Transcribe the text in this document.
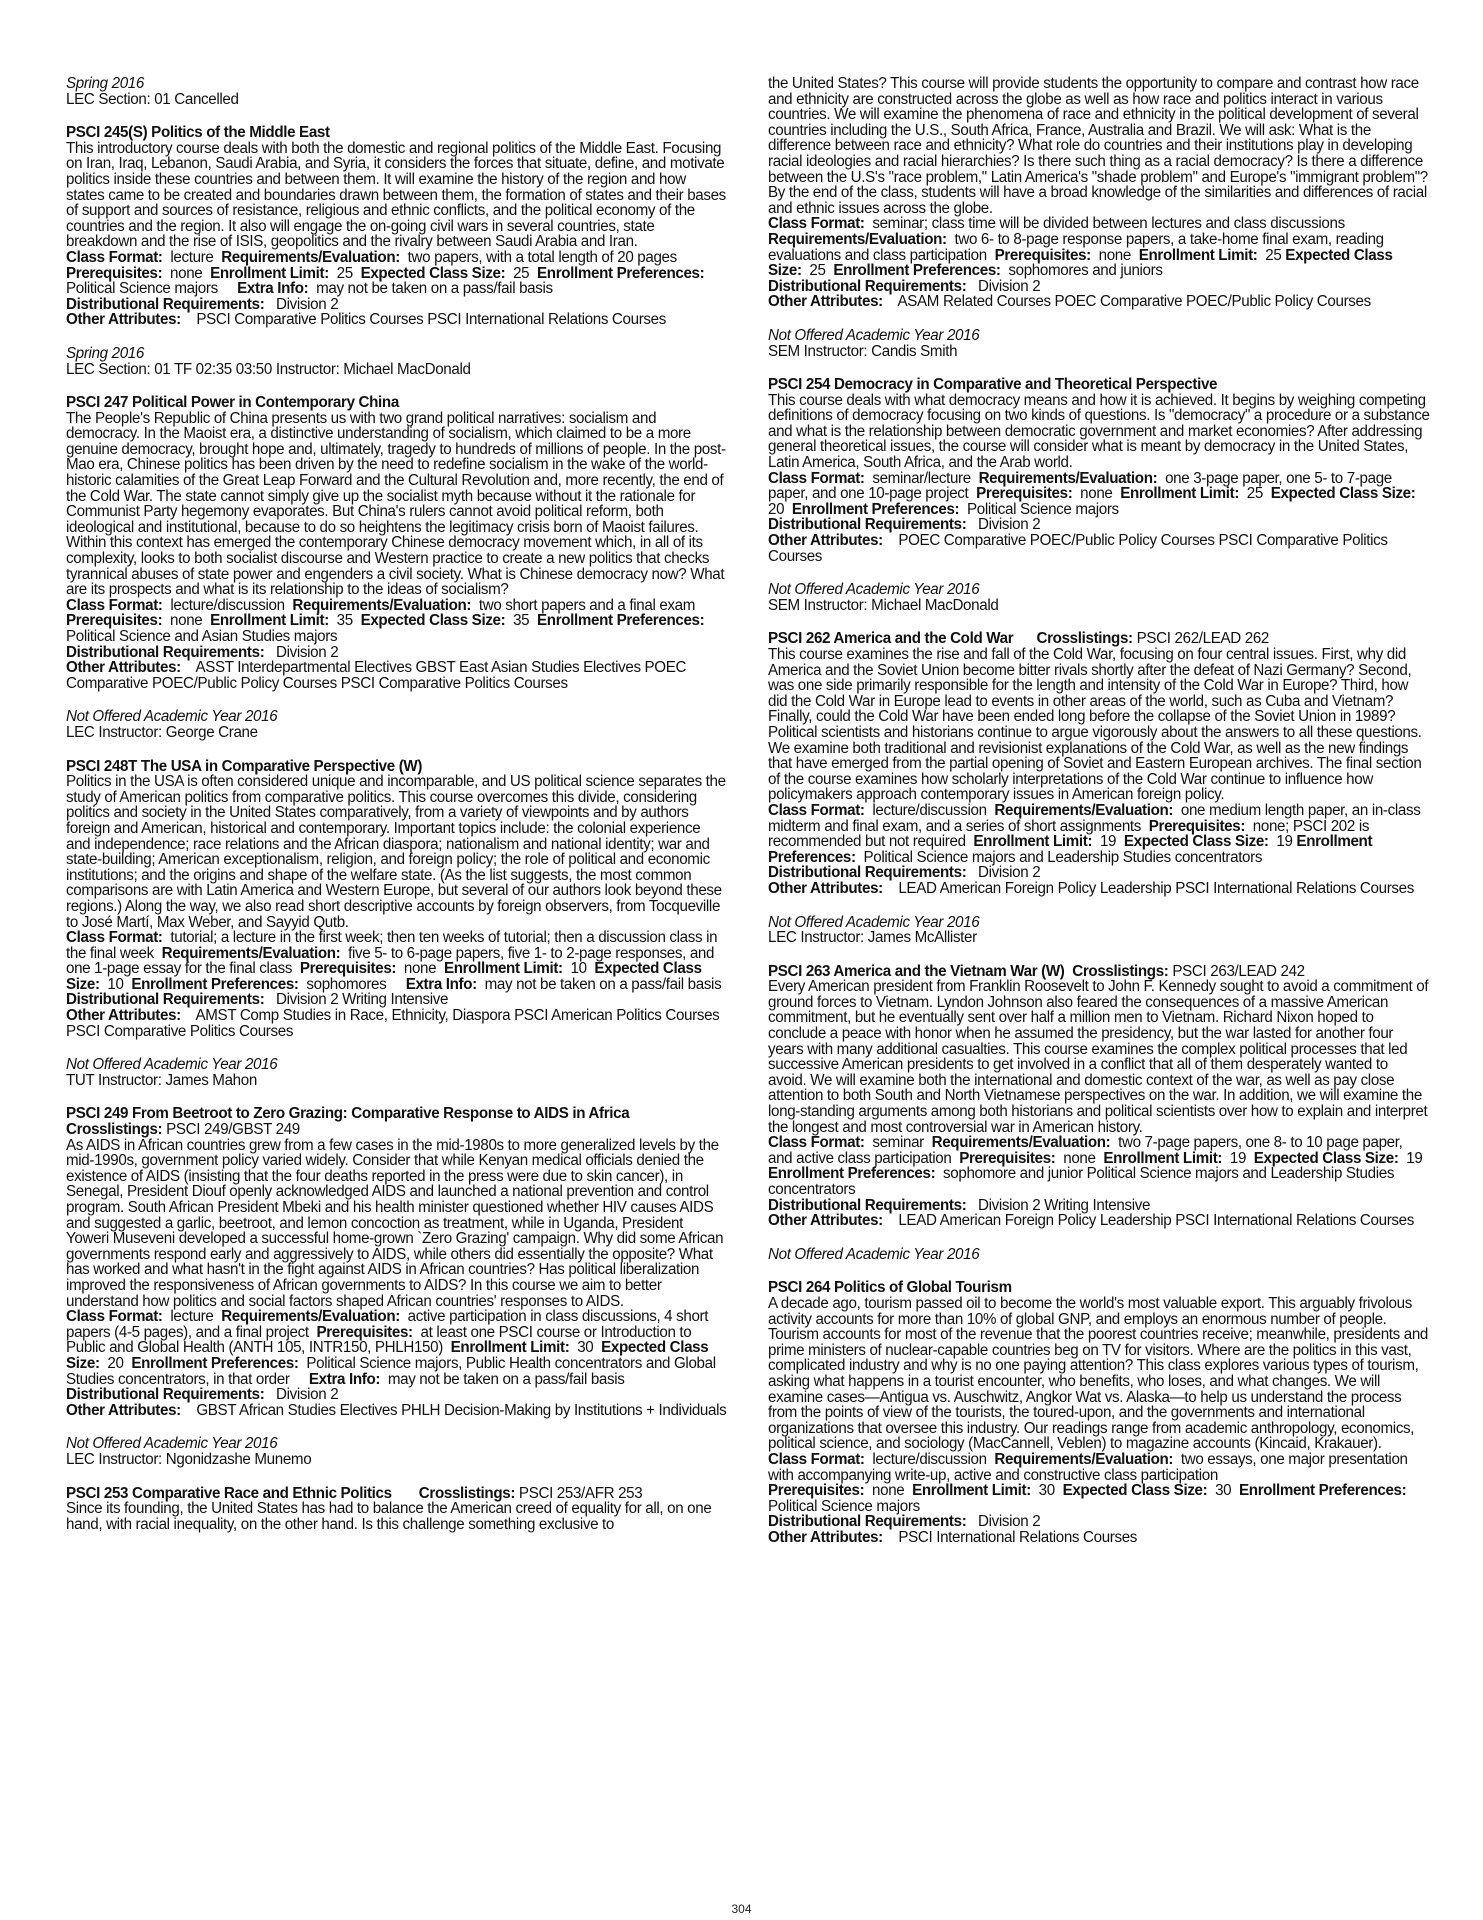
Spring 2016
LEC Section: 01 Cancelled
PSCI 245(S) Politics of the Middle East
This introductory course deals with both the domestic and regional politics of the Middle East. Focusing on Iran, Iraq, Lebanon, Saudi Arabia, and Syria, it considers the forces that situate, define, and motivate politics inside these countries and between them. It will examine the history of the region and how states came to be created and boundaries drawn between them, the formation of states and their bases of support and sources of resistance, religious and ethnic conflicts, and the political economy of the countries and the region. It also will engage the on-going civil wars in several countries, state breakdown and the rise of ISIS, geopolitics and the rivalry between Saudi Arabia and Iran.
Class Format: lecture Requirements/Evaluation: two papers, with a total length of 20 pages Prerequisites: none Enrollment Limit: 25 Expected Class Size: 25 Enrollment Preferences:  Political Science majors Extra Info: may not be taken on a pass/fail basis
Distributional Requirements: Division 2
Other Attributes: PSCI Comparative Politics Courses PSCI International Relations Courses
Spring 2016
LEC Section: 01 TF 02:35 03:50 Instructor: Michael MacDonald
PSCI 247 Political Power in Contemporary China
The People's Republic of China presents us with two grand political narratives: socialism and democracy. In the Maoist era, a distinctive understanding of socialism, which claimed to be a more genuine democracy, brought hope and, ultimately, tragedy to hundreds of millions of people. In the post-Mao era, Chinese politics has been driven by the need to redefine socialism in the wake of the world-historic calamities of the Great Leap Forward and the Cultural Revolution and, more recently, the end of the Cold War. The state cannot simply give up the socialist myth because without it the rationale for Communist Party hegemony evaporates. But China's rulers cannot avoid political reform, both ideological and institutional, because to do so heightens the legitimacy crisis born of Maoist failures. Within this context has emerged the contemporary Chinese democracy movement which, in all of its complexity, looks to both socialist discourse and Western practice to create a new politics that checks tyrannical abuses of state power and engenders a civil society. What is Chinese democracy now? What are its prospects and what is its relationship to the ideas of socialism?
Class Format: lecture/discussion Requirements/Evaluation: two short papers and a final exam  Prerequisites: none Enrollment Limit: 35 Expected Class Size: 35 Enrollment Preferences:  Political Science and Asian Studies majors
Distributional Requirements: Division 2
Other Attributes: ASST Interdepartmental Electives GBST East Asian Studies Electives POEC Comparative POEC/Public Policy Courses PSCI Comparative Politics Courses
Not Offered Academic Year 2016
LEC Instructor: George Crane
PSCI 248T The USA in Comparative Perspective (W)
Politics in the USA is often considered unique and incomparable, and US political science separates the study of American politics from comparative politics. This course overcomes this divide, considering politics and society in the United States comparatively, from a variety of viewpoints and by authors foreign and American, historical and contemporary. Important topics include: the colonial experience and independence; race relations and the African diaspora; nationalism and national identity; war and state-building; American exceptionalism, religion, and foreign policy; the role of political and economic institutions; and the origins and shape of the welfare state. (As the list suggests, the most common comparisons are with Latin America and Western Europe, but several of our authors look beyond these regions.) Along the way, we also read short descriptive accounts by foreign observers, from Tocqueville to José Martí, Max Weber, and Sayyid Qutb.
Class Format: tutorial; a lecture in the first week; then ten weeks of tutorial; then a discussion class in the final week Requirements/Evaluation: five 5- to 6-page papers, five 1- to 2-page responses, and one 1-page essay for the final class Prerequisites: none Enrollment Limit: 10 Expected Class Size: 10 Enrollment Preferences: sophomores Extra Info: may not be taken on a pass/fail basis
Distributional Requirements: Division 2 Writing Intensive
Other Attributes: AMST Comp Studies in Race, Ethnicity, Diaspora PSCI American Politics Courses PSCI Comparative Politics Courses
Not Offered Academic Year 2016
TUT Instructor: James Mahon
PSCI 249 From Beetroot to Zero Grazing: Comparative Response to AIDS in Africa
Crosslistings: PSCI 249/GBST 249
As AIDS in African countries grew from a few cases in the mid-1980s to more generalized levels by the mid-1990s, government policy varied widely. Consider that while Kenyan medical officials denied the existence of AIDS (insisting that the four deaths reported in the press were due to skin cancer), in Senegal, President Diouf openly acknowledged AIDS and launched a national prevention and control program. South African President Mbeki and his health minister questioned whether HIV causes AIDS and suggested a garlic, beetroot, and lemon concoction as treatment, while in Uganda, President Yoweri Museveni developed a successful home-grown `Zero Grazing' campaign. Why did some African governments respond early and aggressively to AIDS, while others did essentially the opposite? What has worked and what hasn't in the fight against AIDS in African countries? Has political liberalization improved the responsiveness of African governments to AIDS? In this course we aim to better understand how politics and social factors shaped African countries' responses to AIDS.
Class Format: lecture Requirements/Evaluation: active participation in class discussions, 4 short papers (4-5 pages), and a final project Prerequisites: at least one PSCI course or Introduction to Public and Global Health (ANTH 105, INTR150, PHLH150) Enrollment Limit: 30 Expected Class Size: 20 Enrollment Preferences: Political Science majors, Public Health concentrators and Global Studies concentrators, in that order Extra Info: may not be taken on a pass/fail basis
Distributional Requirements: Division 2
Other Attributes: GBST African Studies Electives PHLH Decision-Making by Institutions + Individuals
Not Offered Academic Year 2016
LEC Instructor: Ngonidzashe Munemo
PSCI 253 Comparative Race and Ethnic Politics Crosslistings: PSCI 253/AFR 253
Since its founding, the United States has had to balance the American creed of equality for all, on one hand, with racial inequality, on the other hand. Is this challenge something exclusive to
the United States? This course will provide students the opportunity to compare and contrast how race and ethnicity are constructed across the globe as well as how race and politics interact in various countries. We will examine the phenomena of race and ethnicity in the political development of several countries including the U.S., South Africa, France, Australia and Brazil. We will ask: What is the difference between race and ethnicity? What role do countries and their institutions play in developing racial ideologies and racial hierarchies? Is there such thing as a racial democracy? Is there a difference between the U.S's "race problem," Latin America's "shade problem" and Europe's "immigrant problem"? By the end of the class, students will have a broad knowledge of the similarities and differences of racial and ethnic issues across the globe.
Class Format: seminar; class time will be divided between lectures and class discussions Requirements/Evaluation: two 6- to 8-page response papers, a take-home final exam, reading evaluations and class participation Prerequisites: none Enrollment Limit: 25 Expected Class Size: 25 Enrollment Preferences: sophomores and juniors
Distributional Requirements: Division 2
Other Attributes: ASAM Related Courses POEC Comparative POEC/Public Policy Courses
Not Offered Academic Year 2016
SEM Instructor: Candis Smith
PSCI 254 Democracy in Comparative and Theoretical Perspective
This course deals with what democracy means and how it is achieved. It begins by weighing competing definitions of democracy focusing on two kinds of questions. Is "democracy" a procedure or a substance and what is the relationship between democratic government and market economies? After addressing general theoretical issues, the course will consider what is meant by democracy in the United States, Latin America, South Africa, and the Arab world.
Class Format: seminar/lecture Requirements/Evaluation: one 3-page paper, one 5- to 7-page paper, and one 10-page project Prerequisites: none Enrollment Limit: 25 Expected Class Size:  20 Enrollment Preferences: Political Science majors
Distributional Requirements: Division 2
Other Attributes: POEC Comparative POEC/Public Policy Courses PSCI Comparative Politics Courses
Not Offered Academic Year 2016
SEM Instructor: Michael MacDonald
PSCI 262 America and the Cold War Crosslistings: PSCI 262/LEAD 262
This course examines the rise and fall of the Cold War, focusing on four central issues. First, why did America and the Soviet Union become bitter rivals shortly after the defeat of Nazi Germany? Second, was one side primarily responsible for the length and intensity of the Cold War in Europe? Third, how did the Cold War in Europe lead to events in other areas of the world, such as Cuba and Vietnam? Finally, could the Cold War have been ended long before the collapse of the Soviet Union in 1989? Political scientists and historians continue to argue vigorously about the answers to all these questions. We examine both traditional and revisionist explanations of the Cold War, as well as the new findings that have emerged from the partial opening of Soviet and Eastern European archives. The final section of the course examines how scholarly interpretations of the Cold War continue to influence how policymakers approach contemporary issues in American foreign policy.
Class Format: lecture/discussion Requirements/Evaluation: one medium length paper, an in-class midterm and final exam, and a series of short assignments Prerequisites: none; PSCI 202 is recommended but not required Enrollment Limit: 19 Expected Class Size: 19 Enrollment Preferences: Political Science majors and Leadership Studies concentrators
Distributional Requirements: Division 2
Other Attributes: LEAD American Foreign Policy Leadership PSCI International Relations Courses
Not Offered Academic Year 2016
LEC Instructor: James McAllister
PSCI 263 America and the Vietnam War (W) Crosslistings: PSCI 263/LEAD 242
Every American president from Franklin Roosevelt to John F. Kennedy sought to avoid a commitment of ground forces to Vietnam. Lyndon Johnson also feared the consequences of a massive American commitment, but he eventually sent over half a million men to Vietnam. Richard Nixon hoped to conclude a peace with honor when he assumed the presidency, but the war lasted for another four years with many additional casualties. This course examines the complex political processes that led successive American presidents to get involved in a conflict that all of them desperately wanted to avoid. We will examine both the international and domestic context of the war, as well as pay close attention to both South and North Vietnamese perspectives on the war. In addition, we will examine the long-standing arguments among both historians and political scientists over how to explain and interpret the longest and most controversial war in American history.
Class Format: seminar Requirements/Evaluation: two 7-page papers, one 8- to 10 page paper, and active class participation Prerequisites: none Enrollment Limit: 19 Expected Class Size: 19  Enrollment Preferences: sophomore and junior Political Science majors and Leadership Studies concentrators
Distributional Requirements: Division 2 Writing Intensive
Other Attributes: LEAD American Foreign Policy Leadership PSCI International Relations Courses
Not Offered Academic Year 2016
PSCI 264 Politics of Global Tourism
A decade ago, tourism passed oil to become the world's most valuable export. This arguably frivolous activity accounts for more than 10% of global GNP, and employs an enormous number of people. Tourism accounts for most of the revenue that the poorest countries receive; meanwhile, presidents and prime ministers of nuclear-capable countries beg on TV for visitors. Where are the politics in this vast, complicated industry and why is no one paying attention? This class explores various types of tourism, asking what happens in a tourist encounter, who benefits, who loses, and what changes. We will examine cases—Antigua vs. Auschwitz, Angkor Wat vs. Alaska—to help us understand the process from the points of view of the tourists, the toured-upon, and the governments and international organizations that oversee this industry. Our readings range from academic anthropology, economics, political science, and sociology (MacCannell, Veblen) to magazine accounts (Kincaid, Krakauer).
Class Format: lecture/discussion Requirements/Evaluation: two essays, one major presentation with accompanying write-up, active and constructive class participation
Prerequisites: none Enrollment Limit: 30 Expected Class Size: 30 Enrollment Preferences:  Political Science majors
Distributional Requirements: Division 2
Other Attributes: PSCI International Relations Courses
304
